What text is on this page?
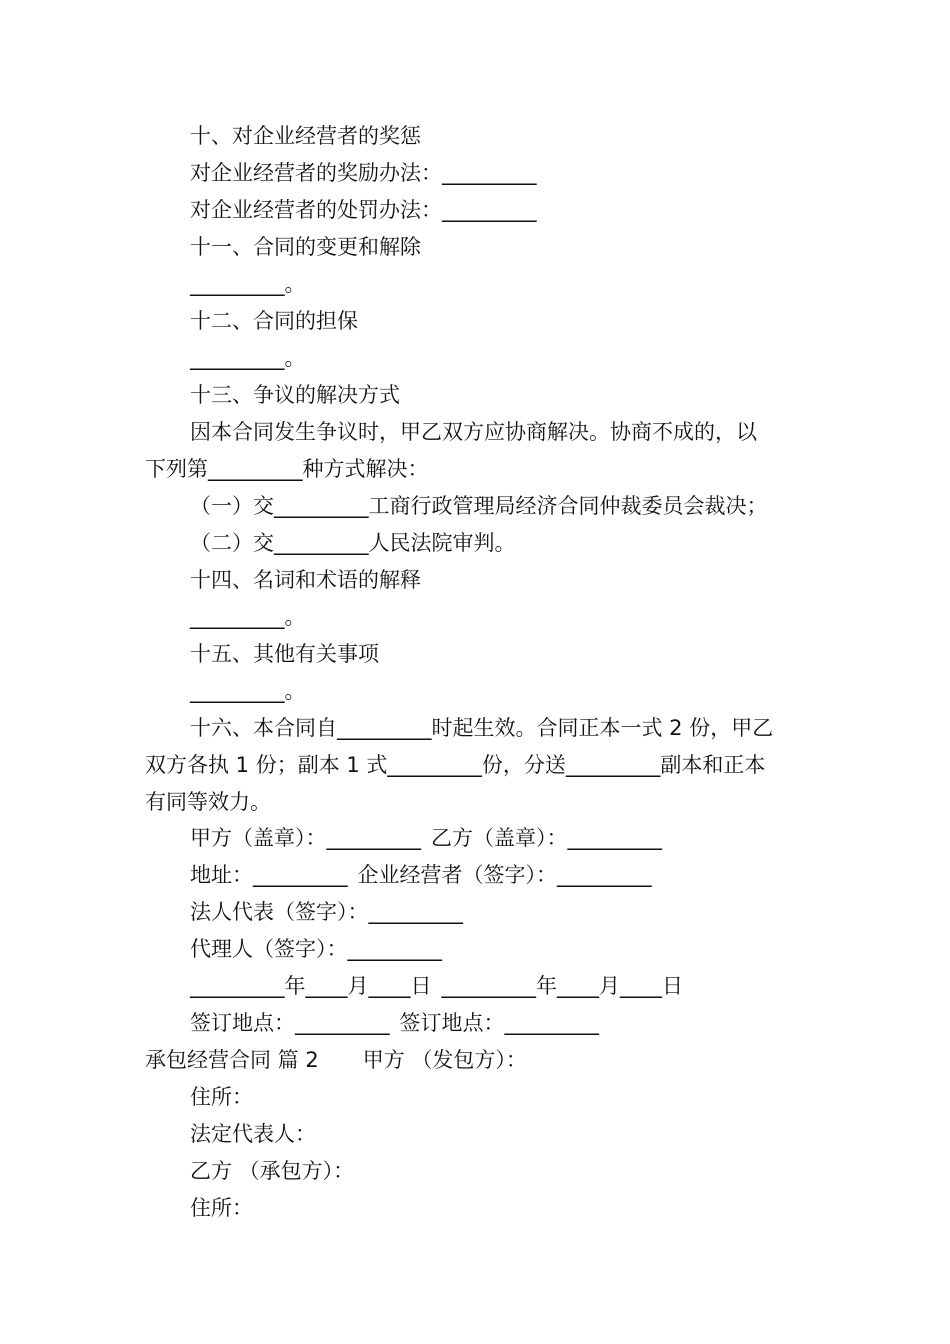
十、对企业经营者的奖惩
对企业经营者的奖励办法：_________
对企业经营者的处罚办法：_________
十一、合同的变更和解除
_________。
十二、合同的担保
_________。
十三、争议的解决方式
因本合同发生争议时，甲乙双方应协商解决。协商不成的，以
下列第_________种方式解决：
（一）交_________工商行政管理局经济合同仲裁委员会裁决；
（二）交_________人民法院审判。
十四、名词和术语的解释
_________。
十五、其他有关事项
_________。
十六、本合同自_________时起生效。合同正本一式 2 份，甲乙
双方各执 1 份；副本 1 式_________份，分送_________副本和正本
有同等效力。
甲方（盖章）：_________ 乙方（盖章）：_________
地址：_________ 企业经营者（签字）：_________
法人代表（签字）：_________
代理人（签字）：_________
_________年____月____日 _________年____月____日
签订地点：_________ 签订地点：_________
承包经营合同 篇 2 甲方 （发包方）：
住所：
法定代表人：
乙方 （承包方）：
住所：
